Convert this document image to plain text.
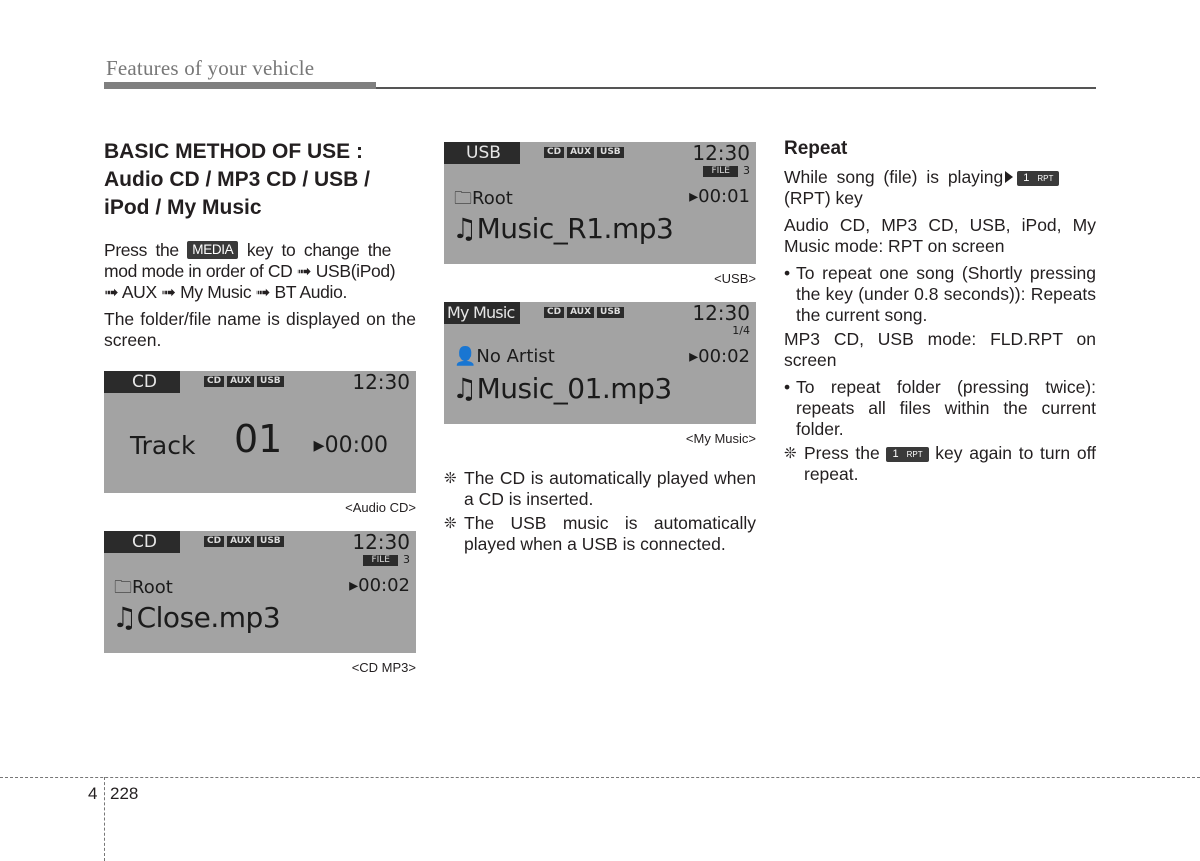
Features of your vehicle
BASIC METHOD OF USE :
Audio CD / MP3 CD / USB /
iPod / My Music

Press the MEDIA key to change the
mod mode in order of CD ➟ USB(iPod)
➟ AUX ➟ My Music ➟ BT Audio.

The folder/file name is displayed on the screen.

CD	CD	AUX	USB	12:30
Track 01 ▸00:00
<Audio CD>
CD	CD	AUX	USB	12:30
FILE	3
🗀Root	▸00:02
♫Close.mp3
<CD MP3>
USB	CD	AUX	USB	12:30
FILE	3
🗀Root	▸00:01
♫Music_R1.mp3
<USB>
My Music	CD	AUX	USB	12:30
1/4
👤No Artist	▸00:02
♫Music_01.mp3
<My Music>
❊ The CD is automatically played when a CD is inserted.
❊ The USB music is automatically played when a USB is connected.

Repeat

While song (file) is playing 1 RPT
(RPT) key

Audio CD, MP3 CD, USB, iPod, My Music mode: RPT on screen

• To repeat one song (Shortly pressing the key (under 0.8 seconds)): Repeats the current song.

MP3 CD, USB mode: FLD.RPT on screen

• To repeat folder (pressing twice): repeats all files within the current folder.
❊ Press the 1 RPT key again to turn off repeat.
4 228
